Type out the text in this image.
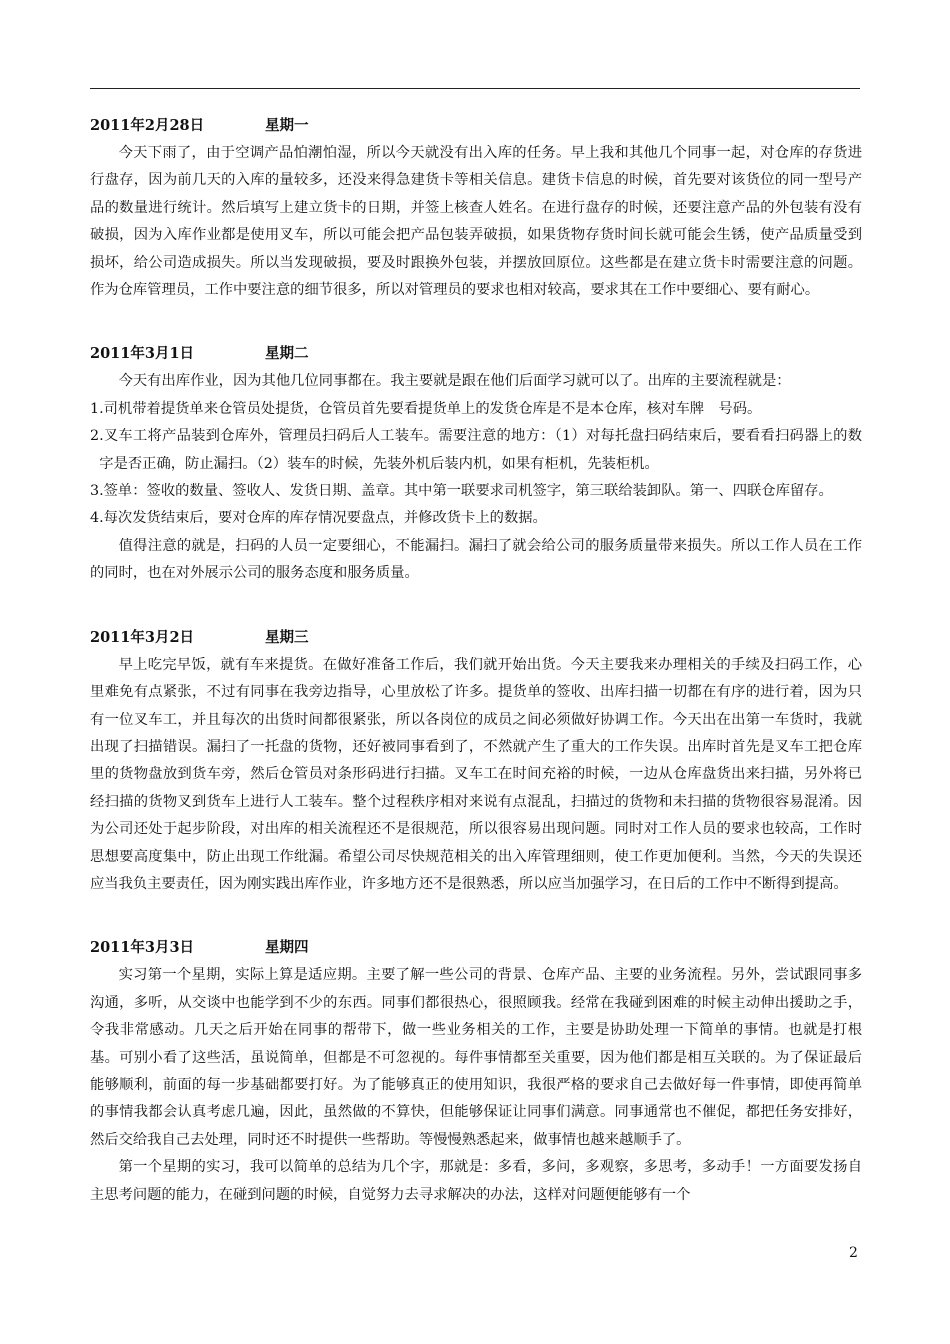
2011年2月28日	星期一

今天下雨了，由于空调产品怕潮怕湿，所以今天就没有出入库的任务。早上我和其他几个同事一起，对仓库的存货进行盘存，因为前几天的入库的量较多，还没来得急建货卡等相关信息。建货卡信息的时候，首先要对该货位的同一型号产品的数量进行统计。然后填写上建立货卡的日期，并签上核查人姓名。在进行盘存的时候，还要注意产品的外包装有没有破损，因为入库作业都是使用叉车，所以可能会把产品包装弄破损，如果货物存货时间长就可能会生锈，使产品质量受到损坏，给公司造成损失。所以当发现破损，要及时跟换外包装，并摆放回原位。这些都是在建立货卡时需要注意的问题。作为仓库管理员，工作中要注意的细节很多，所以对管理员的要求也相对较高，要求其在工作中要细心、要有耐心。

2011年3月1日	星期二

今天有出库作业，因为其他几位同事都在。我主要就是跟在他们后面学习就可以了。出库的主要流程就是：

1.司机带着提货单来仓管员处提货，仓管员首先要看提货单上的发货仓库是不是本仓库，核对车牌　号码。

2.叉车工将产品装到仓库外，管理员扫码后人工装车。需要注意的地方：（1）对每托盘扫码结束后，要看看扫码器上的数字是否正确，防止漏扫。（2）装车的时候，先装外机后装内机，如果有柜机，先装柜机。

3.签单：签收的数量、签收人、发货日期、盖章。其中第一联要求司机签字，第三联给装卸队。第一、四联仓库留存。

4.每次发货结束后，要对仓库的库存情况要盘点，并修改货卡上的数据。

值得注意的就是，扫码的人员一定要细心，不能漏扫。漏扫了就会给公司的服务质量带来损失。所以工作人员在工作的同时，也在对外展示公司的服务态度和服务质量。

2011年3月2日	星期三

早上吃完早饭，就有车来提货。在做好准备工作后，我们就开始出货。今天主要我来办理相关的手续及扫码工作，心里难免有点紧张，不过有同事在我旁边指导，心里放松了许多。提货单的签收、出库扫描一切都在有序的进行着，因为只有一位叉车工，并且每次的出货时间都很紧张，所以各岗位的成员之间必须做好协调工作。今天出在出第一车货时，我就出现了扫描错误。漏扫了一托盘的货物，还好被同事看到了，不然就产生了重大的工作失误。出库时首先是叉车工把仓库里的货物盘放到货车旁，然后仓管员对条形码进行扫描。叉车工在时间充裕的时候，一边从仓库盘货出来扫描，另外将已经扫描的货物叉到货车上进行人工装车。整个过程秩序相对来说有点混乱，扫描过的货物和未扫描的货物很容易混淆。因为公司还处于起步阶段，对出库的相关流程还不是很规范，所以很容易出现问题。同时对工作人员的要求也较高，工作时思想要高度集中，防止出现工作纰漏。希望公司尽快规范相关的出入库管理细则，使工作更加便利。当然，今天的失误还应当我负主要责任，因为刚实践出库作业，许多地方还不是很熟悉，所以应当加强学习，在日后的工作中不断得到提高。

2011年3月3日	星期四

实习第一个星期，实际上算是适应期。主要了解一些公司的背景、仓库产品、主要的业务流程。另外，尝试跟同事多沟通，多听，从交谈中也能学到不少的东西。同事们都很热心，很照顾我。经常在我碰到困难的时候主动伸出援助之手，令我非常感动。几天之后开始在同事的帮带下，做一些业务相关的工作，主要是协助处理一下简单的事情。也就是打根基。可别小看了这些活，虽说简单，但都是不可忽视的。每件事情都至关重要，因为他们都是相互关联的。为了保证最后能够顺利，前面的每一步基础都要打好。为了能够真正的使用知识，我很严格的要求自己去做好每一件事情，即使再简单的事情我都会认真考虑几遍，因此，虽然做的不算快，但能够保证让同事们满意。同事通常也不催促，都把任务安排好，然后交给我自己去处理，同时还不时提供一些帮助。等慢慢熟悉起来，做事情也越来越顺手了。

第一个星期的实习，我可以简单的总结为几个字，那就是：多看，多问，多观察，多思考，多动手！一方面要发扬自主思考问题的能力，在碰到问题的时候，自觉努力去寻求解决的办法，这样对问题便能够有一个

2
